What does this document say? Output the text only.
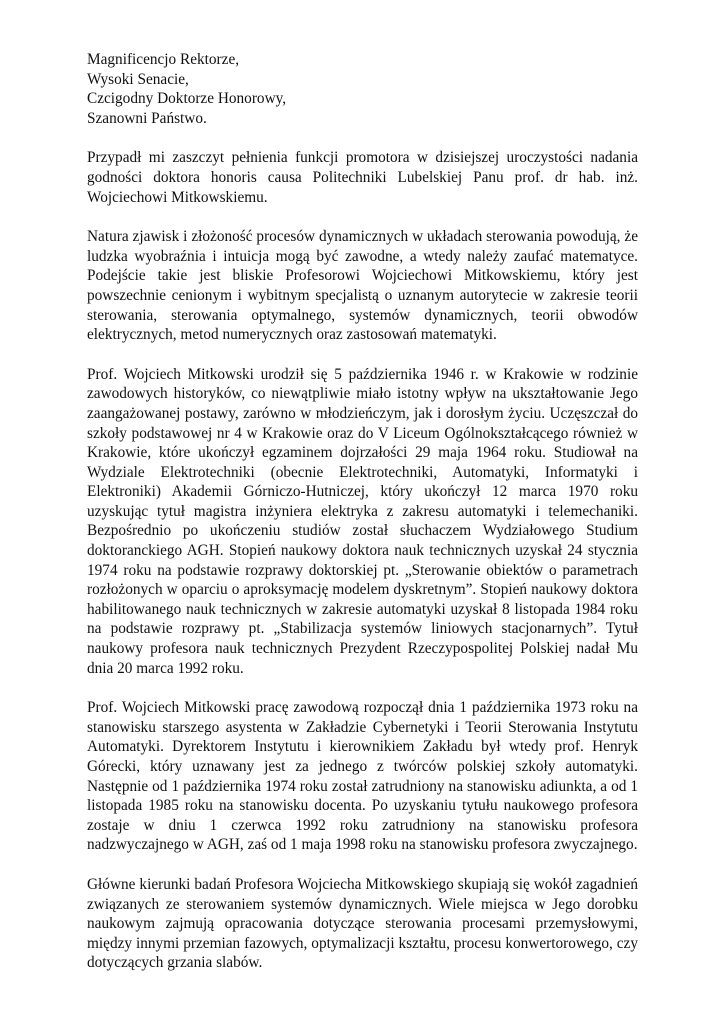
Magnificencjo Rektorze,
Wysoki Senacie,
Czcigodny Doktorze Honorowy,
Szanowni Państwo.

Przypadł mi zaszczyt pełnienia funkcji promotora w dzisiejszej uroczystości nadania godności doktora honoris causa Politechniki Lubelskiej Panu prof. dr hab. inż. Wojciechowi Mitkowskiemu.

Natura zjawisk i złożoność procesów dynamicznych w układach sterowania powodują, że ludzka wyobraźnia i intuicja mogą być zawodne, a wtedy należy zaufać matematyce. Podejście takie jest bliskie Profesorowi Wojciechowi Mitkowskiemu, który jest powszechnie cenionym i wybitnym specjalistą o uznanym autorytecie w zakresie teorii sterowania, sterowania optymalnego, systemów dynamicznych, teorii obwodów elektrycznych, metod numerycznych oraz zastosowań matematyki.

Prof. Wojciech Mitkowski urodził się 5 października 1946 r. w Krakowie w rodzinie zawodowych historyków, co niewątpliwie miało istotny wpływ na ukształtowanie Jego zaangażowanej postawy, zarówno w młodzieńczym, jak i dorosłym życiu. Uczęszczał do szkoły podstawowej nr 4 w Krakowie oraz do V Liceum Ogólnokształcącego również w Krakowie, które ukończył egzaminem dojrzałości 29 maja 1964 roku. Studiował na Wydziale Elektrotechniki (obecnie Elektrotechniki, Automatyki, Informatyki i Elektroniki) Akademii Górniczo-Hutniczej, który ukończył 12 marca 1970 roku uzyskując tytuł magistra inżyniera elektryka z zakresu automatyki i telemechaniki. Bezpośrednio po ukończeniu studiów został słuchaczem Wydziałowego Studium doktoranckiego AGH. Stopień naukowy doktora nauk technicznych uzyskał 24 stycznia 1974 roku na podstawie rozprawy doktorskiej pt. „Sterowanie obiektów o parametrach rozłożonych w oparciu o aproksymację modelem dyskretnym”. Stopień naukowy doktora habilitowanego nauk technicznych w zakresie automatyki uzyskał 8 listopada 1984 roku na podstawie rozprawy pt. „Stabilizacja systemów liniowych stacjonarnych”. Tytuł naukowy profesora nauk technicznych Prezydent Rzeczypospolitej Polskiej nadał Mu dnia 20 marca 1992 roku.

Prof. Wojciech Mitkowski pracę zawodową rozpoczął dnia 1 października 1973 roku na stanowisku starszego asystenta w Zakładzie Cybernetyki i Teorii Sterowania Instytutu Automatyki. Dyrektorem Instytutu i kierownikiem Zakładu był wtedy prof. Henryk Górecki, który uznawany jest za jednego z twórców polskiej szkoły automatyki. Następnie od 1 października 1974 roku został zatrudniony na stanowisku adiunkta, a od 1 listopada 1985 roku na stanowisku docenta. Po uzyskaniu tytułu naukowego profesora zostaje w dniu 1 czerwca 1992 roku zatrudniony na stanowisku profesora nadzwyczajnego w AGH, zaś od 1 maja 1998 roku na stanowisku profesora zwyczajnego.

Główne kierunki badań Profesora Wojciecha Mitkowskiego skupiają się wokół zagadnień związanych ze sterowaniem systemów dynamicznych. Wiele miejsca w Jego dorobku naukowym zajmują opracowania dotyczące sterowania procesami przemysłowymi, między innymi przemian fazowych, optymalizacji kształtu, procesu konwertorowego, czy dotyczących grzania slabów.
